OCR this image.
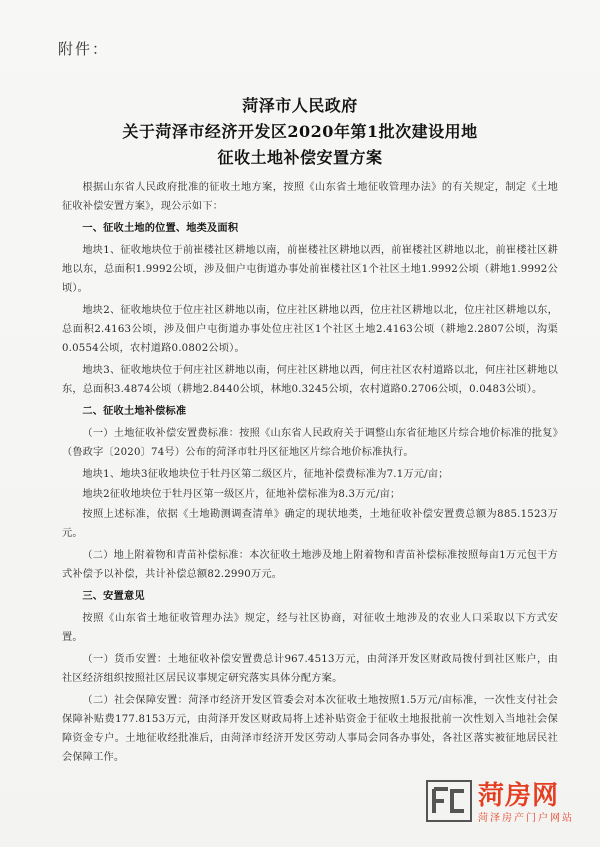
附件：
菏泽市人民政府
关于菏泽市经济开发区2020年第1批次建设用地
征收土地补偿安置方案

根据山东省人民政府批准的征收土地方案，按照《山东省土地征收管理办法》的有关规定，制定《土地征收补偿安置方案》，现公示如下：

一、征收土地的位置、地类及面积

地块1、征收地块位于前崔楼社区耕地以南，前崔楼社区耕地以西，前崔楼社区耕地以北，前崔楼社区耕地以东，总面积1.9992公顷，涉及佃户屯街道办事处前崔楼社区1个社区土地1.9992公顷（耕地1.9992公顷）。

地块2、征收地块位于位庄社区耕地以南，位庄社区耕地以西，位庄社区耕地以北，位庄社区耕地以东，总面积2.4163公顷，涉及佃户屯街道办事处位庄社区1个社区土地2.4163公顷（耕地2.2807公顷，沟渠0.0554公顷，农村道路0.0802公顷）。

地块3、征收地块位于何庄社区耕地以南，何庄社区耕地以西，何庄社区农村道路以北，何庄社区耕地以东，总面积3.4874公顷（耕地2.8440公顷，林地0.3245公顷，农村道路0.2706公顷，0.0483公顷）。

二、征收土地补偿标准

（一）土地征收补偿安置费标准：按照《山东省人民政府关于调整山东省征地区片综合地价标准的批复》（鲁政字〔2020〕74号）公布的菏泽市牡丹区征地区片综合地价标准执行。

地块1、地块3征收地块位于牡丹区第二级区片，征地补偿费标准为7.1万元/亩；

地块2征收地块位于牡丹区第一级区片，征地补偿标准为8.3万元/亩；

按照上述标准，依据《土地勘测调查清单》确定的现状地类，土地征收补偿安置费总额为885.1523万元。

（二）地上附着物和青苗补偿标准：本次征收土地涉及地上附着物和青苗补偿标准按照每亩1万元包干方式补偿予以补偿，共计补偿总额82.2990万元。

三、安置意见

按照《山东省土地征收管理办法》规定，经与社区协商，对征收土地涉及的农业人口采取以下方式安置。

（一）货币安置：土地征收补偿安置费总计967.4513万元，由菏泽开发区财政局拨付到社区账户，由社区经济组织按照社区居民议事规定研究落实具体分配方案。

（二）社会保障安置：菏泽市经济开发区管委会对本次征收土地按照1.5万元/亩标准，一次性支付社会保障补贴费177.8153万元，由菏泽开发区财政局将上述补贴资金于征收土地报批前一次性划入当地社会保障资金专户。土地征收经批准后，由菏泽市经济开发区劳动人事局会同各办事处，各社区落实被征地居民社会保障工作。

菏房网
菏泽房产门户网站
